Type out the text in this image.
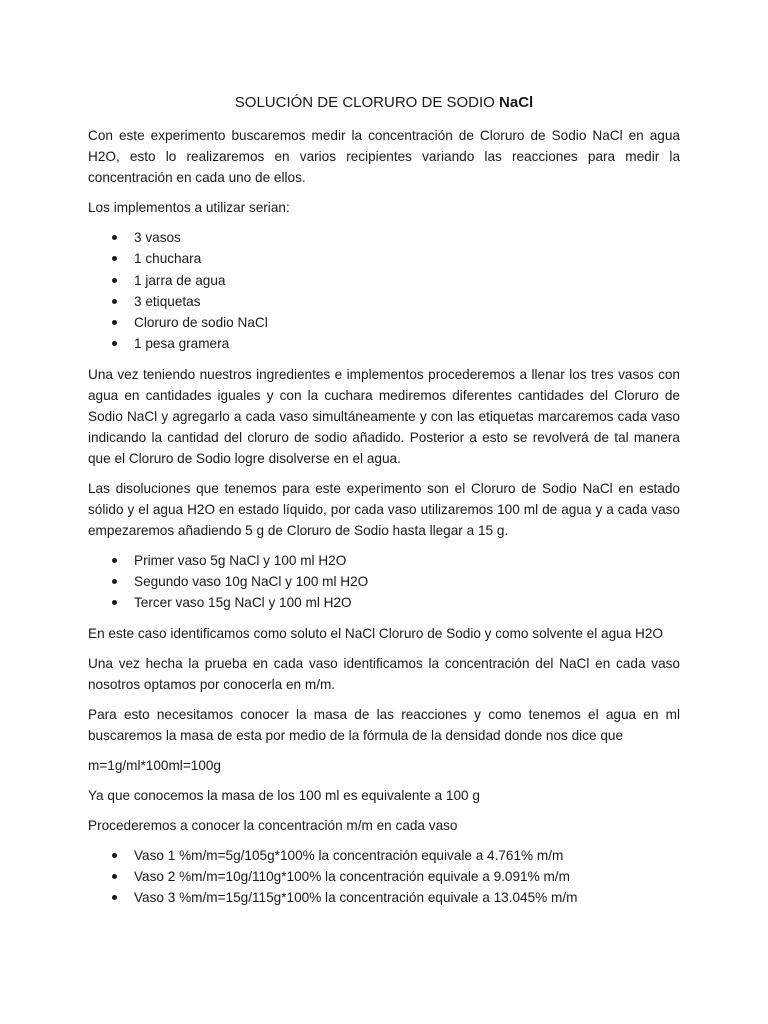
SOLUCIÓN DE CLORURO DE SODIO NaCl

Con este experimento buscaremos medir la concentración de Cloruro de Sodio NaCl en agua H2O, esto lo realizaremos en varios recipientes variando las reacciones para medir la concentración en cada uno de ellos.

Los implementos a utilizar serian:

3 vasos
1 chuchara
1 jarra de agua
3 etiquetas
Cloruro de sodio NaCl
1 pesa gramera

Una vez teniendo nuestros ingredientes e implementos procederemos a llenar los tres vasos con agua en cantidades iguales y con la cuchara mediremos diferentes cantidades del Cloruro de Sodio NaCl y agregarlo a cada vaso simultáneamente y con las etiquetas marcaremos cada vaso indicando la cantidad del cloruro de sodio añadido. Posterior a esto se revolverá de tal manera que el Cloruro de Sodio logre disolverse en el agua.

Las disoluciones que tenemos para este experimento son el Cloruro de Sodio NaCl en estado sólido y el agua H2O en estado líquido, por cada vaso utilizaremos 100 ml de agua y a cada vaso empezaremos añadiendo 5 g de Cloruro de Sodio hasta llegar a 15 g.

Primer vaso 5g NaCl y 100 ml H2O
Segundo vaso 10g NaCl y 100 ml H2O
Tercer vaso 15g NaCl y 100 ml H2O

En este caso identificamos como soluto el NaCl Cloruro de Sodio y como solvente el agua H2O

Una vez hecha la prueba en cada vaso identificamos la concentración del NaCl en cada vaso nosotros optamos por conocerla en m/m.

Para esto necesitamos conocer la masa de las reacciones y como tenemos el agua en ml buscaremos la masa de esta por medio de la fórmula de la densidad donde nos dice que

m=1g/ml*100ml=100g

Ya que conocemos la masa de los 100 ml es equivalente a 100 g

Procederemos a conocer la concentración m/m en cada vaso

Vaso 1 %m/m=5g/105g*100% la concentración equivale a 4.761% m/m
Vaso 2 %m/m=10g/110g*100% la concentración equivale a 9.091% m/m
Vaso 3 %m/m=15g/115g*100% la concentración equivale a 13.045% m/m
